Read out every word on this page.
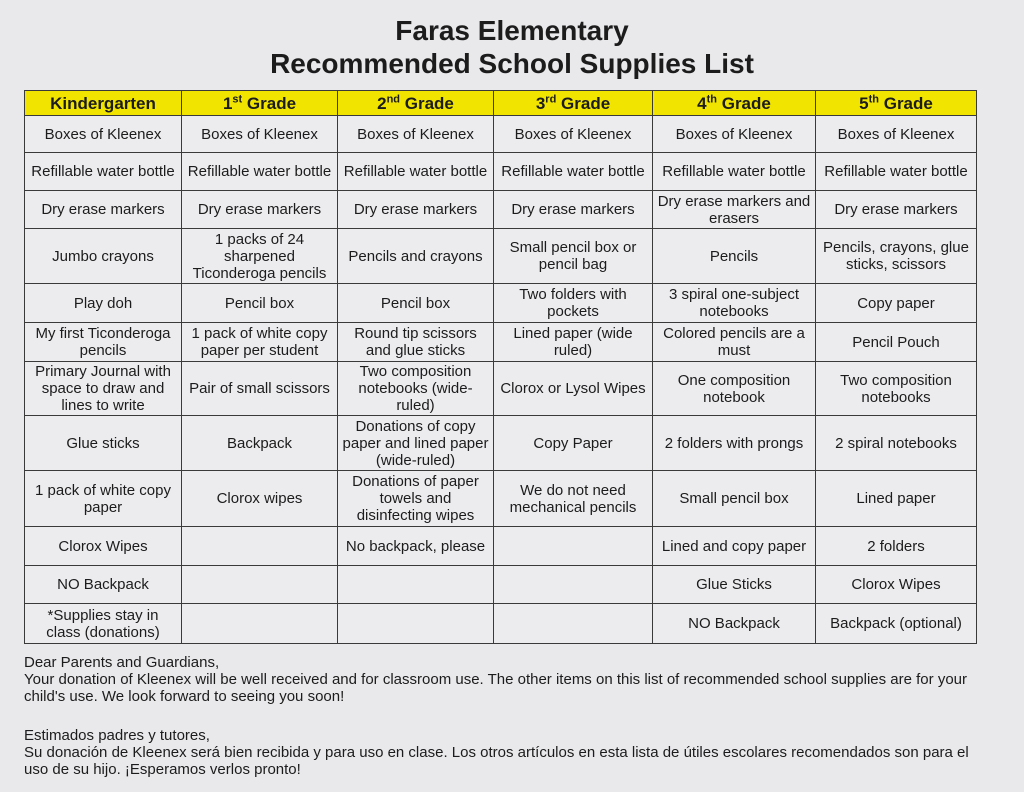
Faras Elementary
Recommended School Supplies List
Kindergarten	1st Grade	2nd Grade	3rd Grade	4th Grade	5th Grade
Boxes of Kleenex	Boxes of Kleenex	Boxes of Kleenex	Boxes of Kleenex	Boxes of Kleenex	Boxes of Kleenex
Refillable water bottle	Refillable water bottle	Refillable water bottle	Refillable water bottle	Refillable water bottle	Refillable water bottle
Dry erase markers	Dry erase markers	Dry erase markers	Dry erase markers	Dry erase markers and erasers	Dry erase markers
Jumbo crayons	1 packs of 24 sharpened Ticonderoga pencils	Pencils and crayons	Small pencil box or pencil bag	Pencils	Pencils, crayons, glue sticks, scissors
Play doh	Pencil box	Pencil box	Two folders with pockets	3 spiral one-subject notebooks	Copy paper
My first Ticonderoga pencils	1 pack of white copy paper per student	Round tip scissors and glue sticks	Lined paper (wide ruled)	Colored pencils are a must	Pencil Pouch
Primary Journal with space to draw and lines to write	Pair of small scissors	Two composition notebooks (wide-ruled)	Clorox or Lysol Wipes	One composition notebook	Two composition notebooks
Glue sticks	Backpack	Donations of copy paper and lined paper (wide-ruled)	Copy Paper	2 folders with prongs	2 spiral notebooks
1 pack of white copy paper	Clorox wipes	Donations of paper towels and disinfecting wipes	We do not need mechanical pencils	Small pencil box	Lined paper
Clorox Wipes		No backpack, please		Lined and copy paper	2 folders
NO Backpack				Glue Sticks	Clorox Wipes
*Supplies stay in class (donations)				NO Backpack	Backpack (optional)

Dear Parents and Guardians,

Your donation of Kleenex will be well received and for classroom use. The other items on this list of recommended school supplies are for your child's use. We look forward to seeing you soon!

Estimados padres y tutores,

Su donación de Kleenex será bien recibida y para uso en clase. Los otros artículos en esta lista de útiles escolares recomendados son para el uso de su hijo. ¡Esperamos verlos pronto!
